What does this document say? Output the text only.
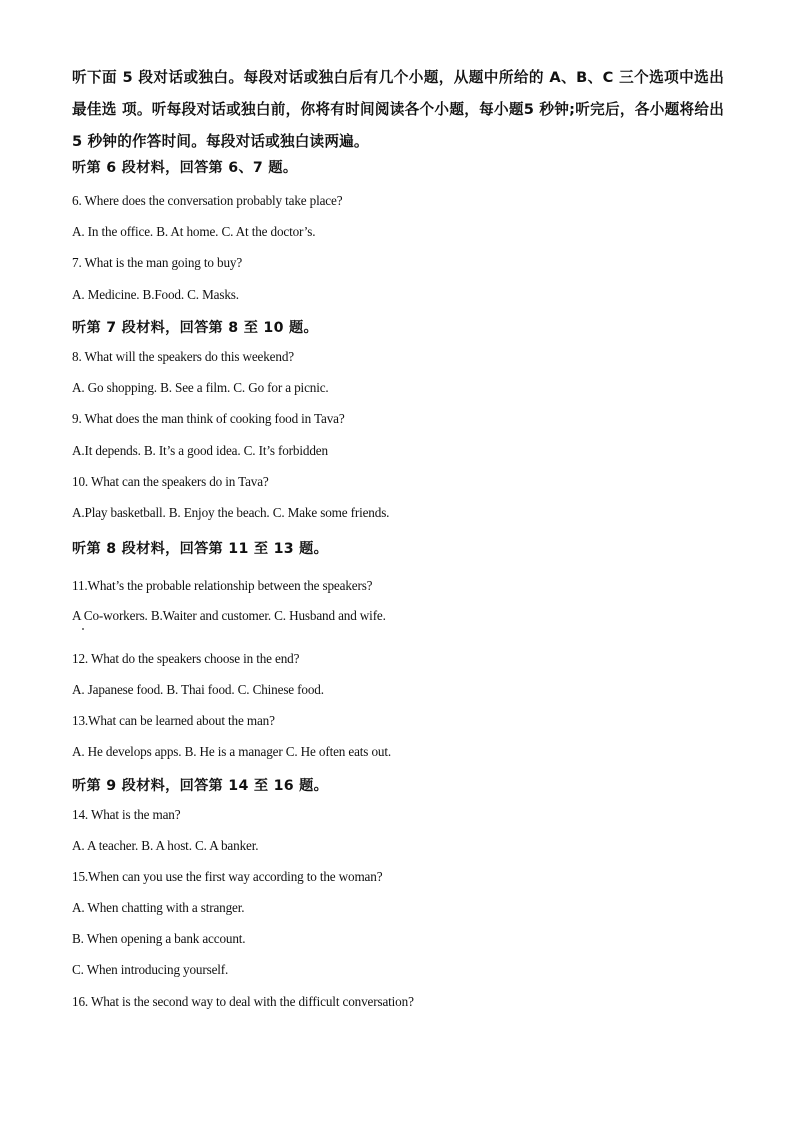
听下面 5 段对话或独白。每段对话或独白后有几个小题，从题中所给的 A、B、C 三个选项中选出最佳选 项。听每段对话或独白前，你将有时间阅读各个小题，每小题5 秒钟;听完后，各小题将给出 5 秒钟的作答时间。每段对话或独白读两遍。

听第 6 段材料，回答第 6、7 题。

6. Where does the conversation probably take place?

A. In the office. B. At home. C. At the doctor’s.

7. What is the man going to buy?

A. Medicine. B.Food. C. Masks.

听第 7 段材料，回答第 8 至 10 题。

8. What will the speakers do this weekend?

A. Go shopping. B. See a film. C. Go for a picnic.

9. What does the man think of cooking food in Tava?

A.It depends. B. It’s a good idea. C. It’s forbidden

10. What can the speakers do in Tava?

A.Play basketball. B. Enjoy the beach. C. Make some friends.

听第 8 段材料，回答第 11 至 13 题。

11.What’s the probable relationship between the speakers?

A Co-workers. B.Waiter and customer. C. Husband and wife.

12. What do the speakers choose in the end?

A. Japanese food. B. Thai food. C. Chinese food.

13.What can be learned about the man?

A. He develops apps. B. He is a manager C. He often eats out.

听第 9 段材料，回答第 14 至 16 题。

14. What is the man?

A. A teacher. B. A host. C. A banker.

15.When can you use the first way according to the woman?

A. When chatting with a stranger.

B. When opening a bank account.

C. When introducing yourself.

16. What is the second way to deal with the difficult conversation?
